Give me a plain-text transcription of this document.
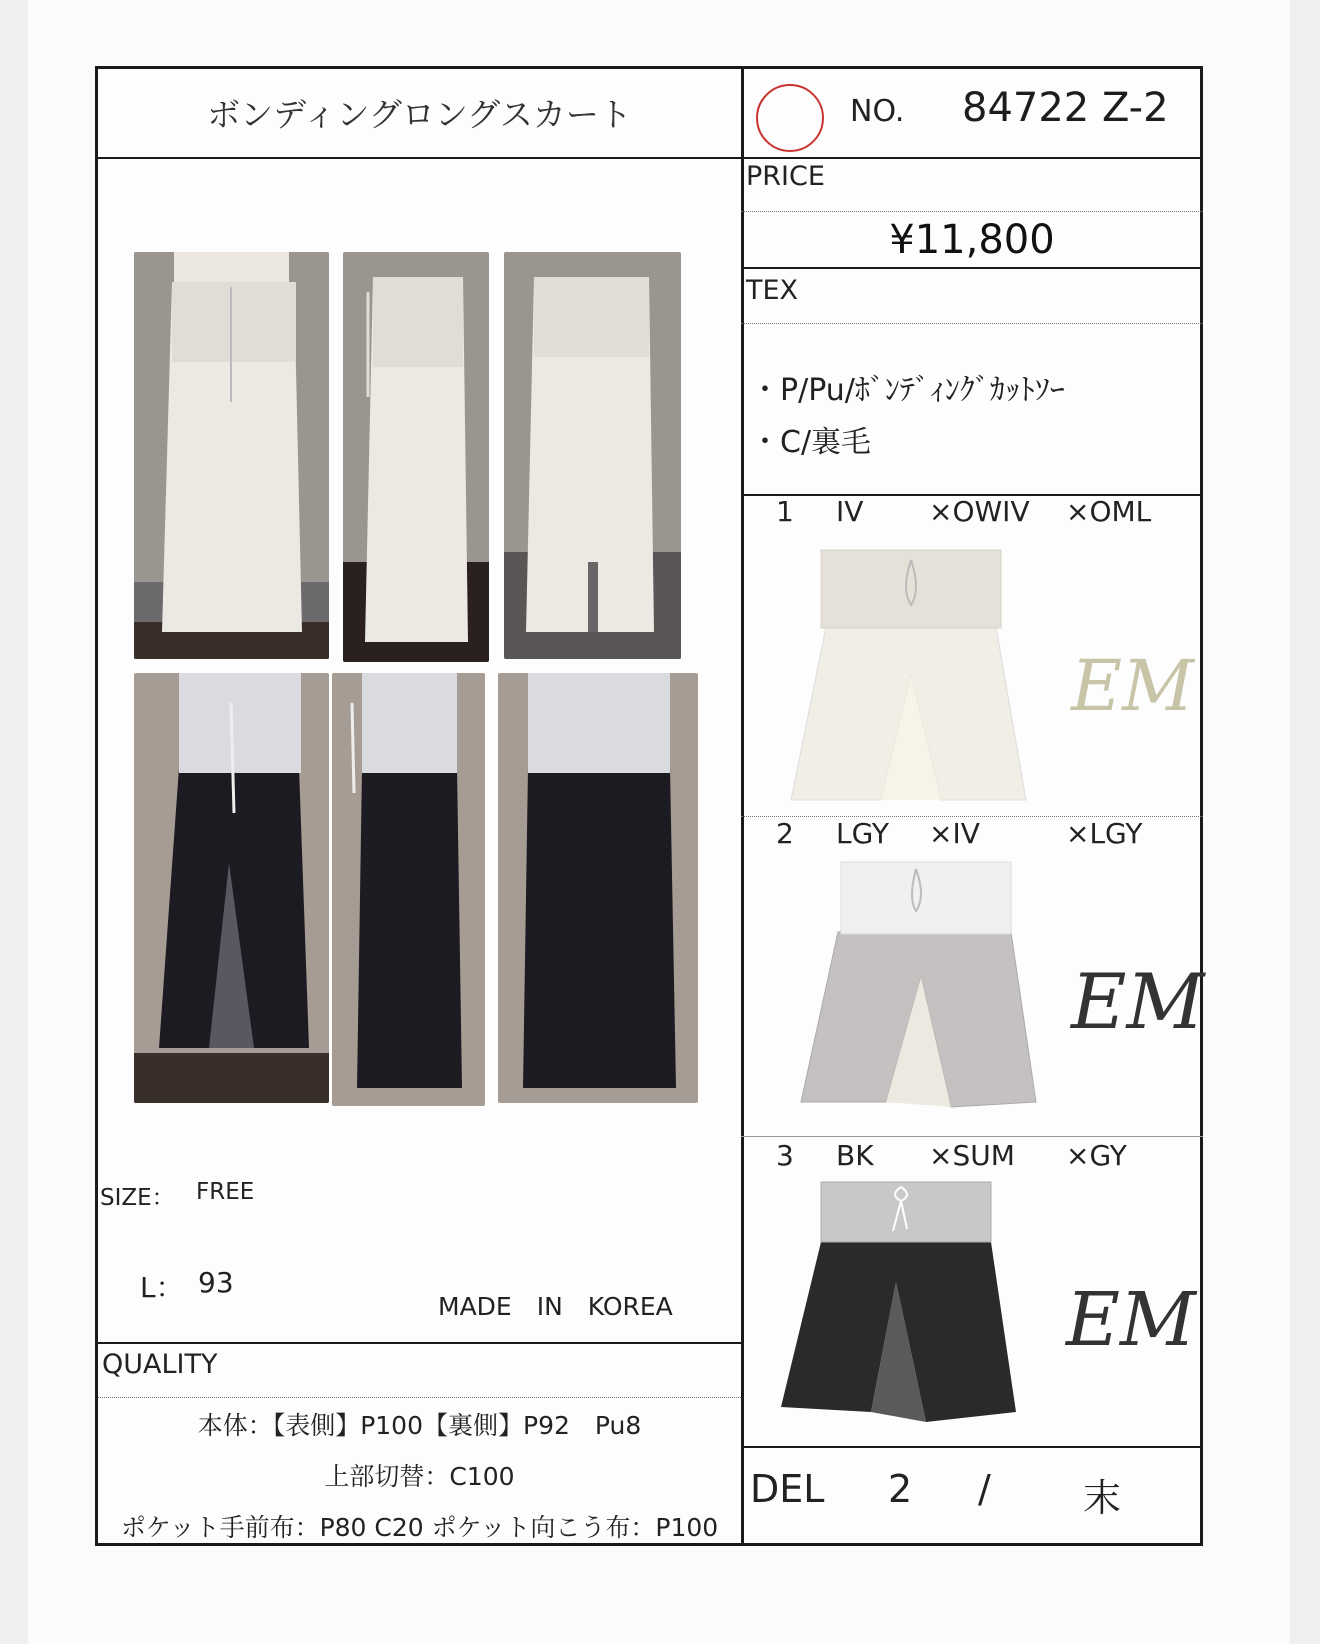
ボンディングロングスカート	NO. 84722 Z-2
PRICE
¥11,800
TEX
・P/Pu/ﾎﾞﾝﾃﾞｨﾝｸﾞｶｯﾄｿｰ
・C/裏毛
1 IV ×OWIV ×OML
EM
2 LGY ×IV	×LGY
EM
3 BK ×SUM ×GY
EM
DEL 2 / 末
SIZE： FREE
L： 93
MADE　IN　KOREA
QUALITY
本体：【表側】P100【裏側】P92　Pu8
上部切替：C100
ポケット手前布：P80 C20 ポケット向こう布：P100
